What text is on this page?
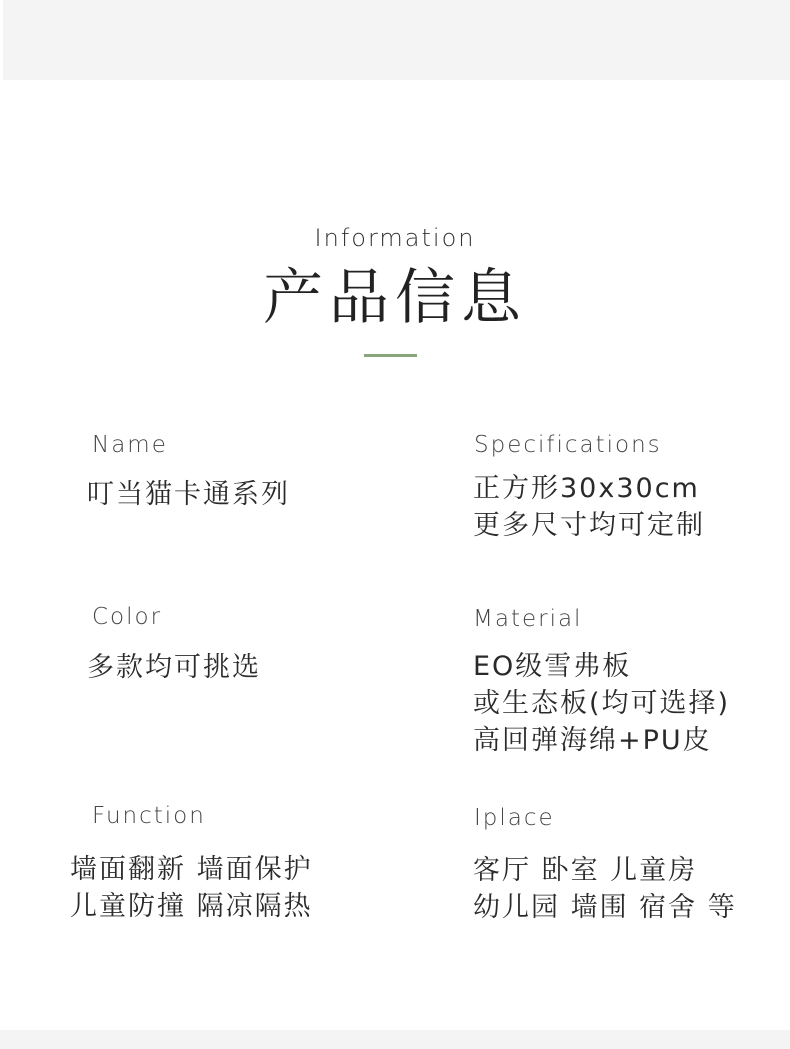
Information
产品信息
Name
叮当猫卡通系列
Specifications
正方形30x30cm
更多尺寸均可定制
Color
多款均可挑选
Material
EO级雪弗板
或生态板(均可选择)
高回弹海绵+PU皮
Function
墙面翻新 墙面保护
儿童防撞 隔凉隔热
Iplace
客厅 卧室 儿童房
幼儿园 墙围 宿舍 等
